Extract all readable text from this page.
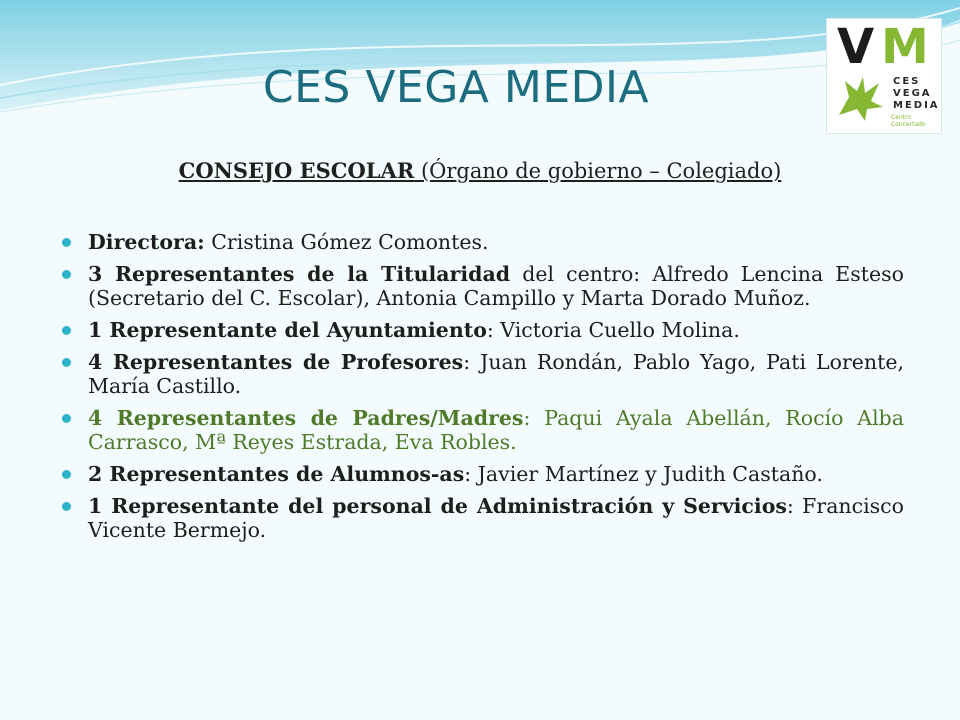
CES VEGA MEDIA
V M
CES
VEGA
MEDIA
Centro Concertado
CONSEJO ESCOLAR (Órgano de gobierno – Colegiado)
Directora: Cristina Gómez Comontes.
3 Representantes de la Titularidad del centro: Alfredo Lencina Esteso (Secretario del C. Escolar), Antonia Campillo y Marta Dorado Muñoz.
1 Representante del Ayuntamiento: Victoria Cuello Molina.
4 Representantes de Profesores: Juan Rondán, Pablo Yago, Pati Lorente, María Castillo.
4 Representantes de Padres/Madres: Paqui Ayala Abellán, Rocío Alba Carrasco, Mª Reyes Estrada, Eva Robles.
2 Representantes de Alumnos-as: Javier Martínez y Judith Castaño.
1 Representante del personal de Administración y Servicios: Francisco Vicente Bermejo.
